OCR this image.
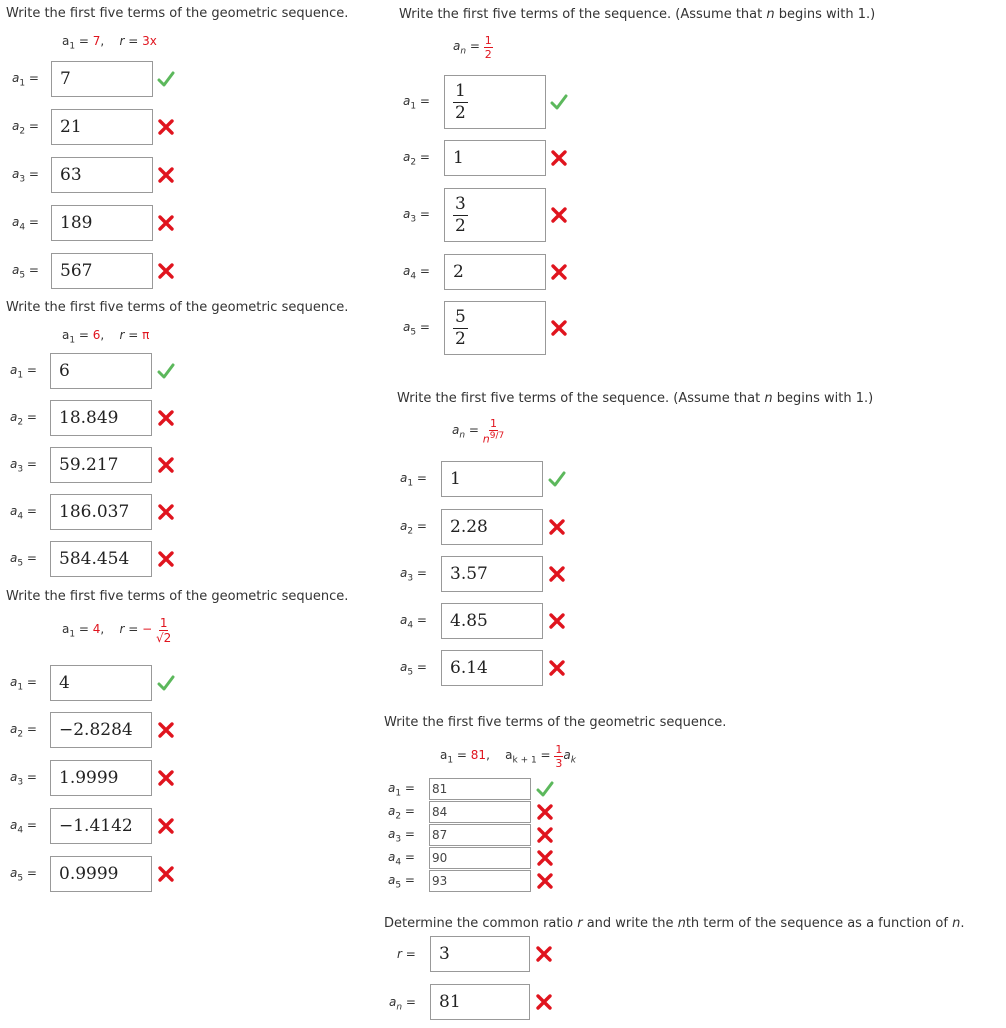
Write the first five terms of the geometric sequence.
$a_1 = 7$,    r = 3x
$a_1$ =	7
$a_2$ =	21
$a_3$ =	63
$a_4$ =	189
$a_5$ =	567
Write the first five terms of the geometric sequence.
$a_1 = 6$,    r = π
$a_1$ =	6
$a_2$ =	18.849
$a_3$ =	59.217
$a_4$ =	186.037
$a_5$ =	584.454
Write the first five terms of the geometric sequence.
$a_1 = 4$,    r = − $\frac{1}{√2}$
$a_1$ =	4
$a_2$ =	−2.8284
$a_3$ =	1.9999
$a_4$ =	−1.4142
$a_5$ =	0.9999
Write the first five terms of the sequence. (Assume that n begins with 1.)
$a_n = \frac{1}{2}$
$a_1 = \frac{1}{2}$
$a_2$ =	1
$a_3 = \frac{3}{2}$
$a_4$ =	2
$a_5 = \frac{5}{2}$
Write the first five terms of the sequence. (Assume that n begins with 1.)
$a_n = \frac{1}{n^{9/7}}$
$a_1$ =	1
$a_2$ =	2.28
$a_3$ =	3.57
$a_4$ =	4.85
$a_5$ =	6.14
Write the first five terms of the geometric sequence.
$a_1 = 81$,    $a_{k + 1} = \frac{1}{3} a_k$
$a_1 = 81$
$a_2 = 84$
$a_3 = 87$
$a_4 = 90$
$a_5 = 93$
Determine the common ratio r and write the nth term of the sequence as a function of n.
r =	3
$a_n$ =	81
